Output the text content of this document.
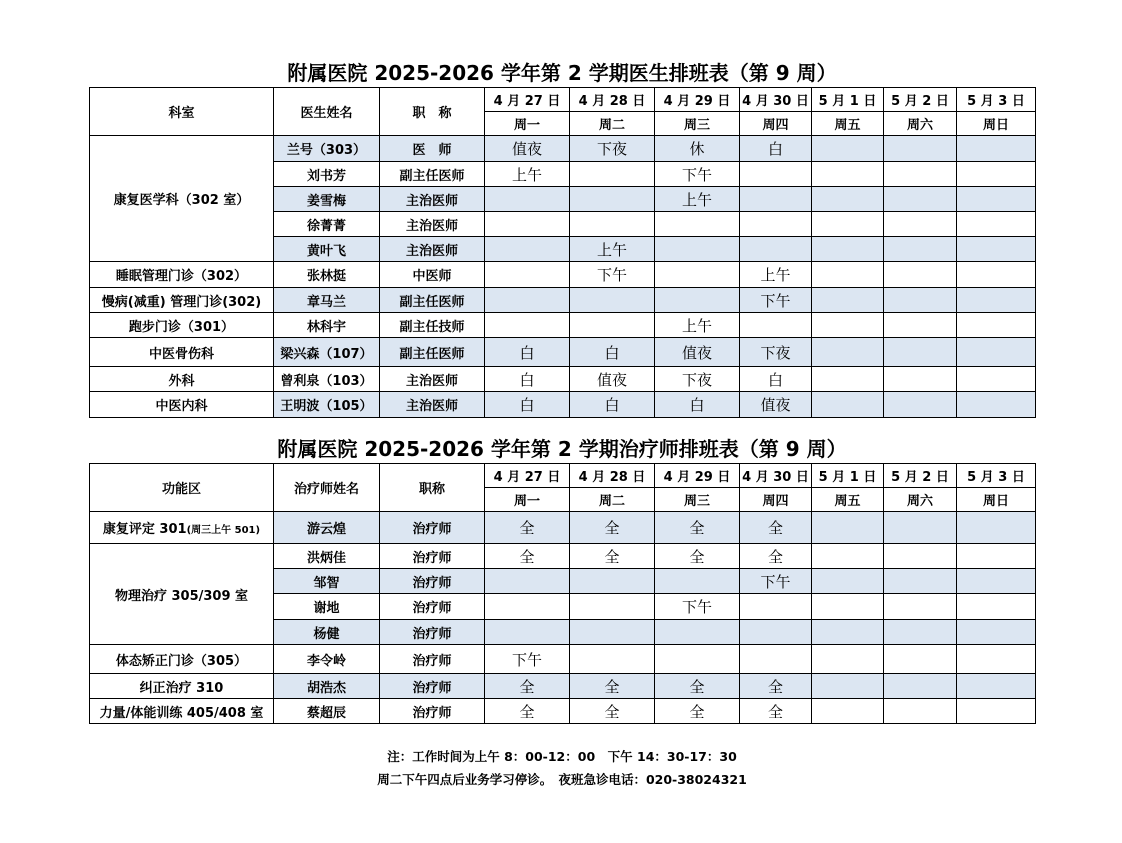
附属医院 2025-2026 学年第 2 学期医生排班表（第 9 周）
科室	医生姓名	职　称	4 月 27 日	4 月 28 日	4 月 29 日	4 月 30 日	5 月 1 日	5 月 2 日	5 月 3 日
			周一	周二	周三	周四	周五	周六	周日
康复医学科（302 室）	兰号（303）	医　师	值夜	下夜	休	白			
	刘书芳	副主任医师	上午		下午				
	姜雪梅	主治医师			上午				
	徐菁菁	主治医师							
	黄叶飞	主治医师		上午					
睡眠管理门诊（302）	张林挺	中医师		下午		上午			
慢病(减重) 管理门诊(302)	章马兰	副主任医师				下午			
跑步门诊（301）	林科宇	副主任技师			上午				
中医骨伤科	梁兴森（107）	副主任医师	白	白	值夜	下夜			
外科	曾利泉（103）	主治医师	白	值夜	下夜	白			
中医内科	王明波（105）	主治医师	白	白	白	值夜			
附属医院 2025-2026 学年第 2 学期治疗师排班表（第 9 周）
功能区	治疗师姓名	职称	4 月 27 日	4 月 28 日	4 月 29 日	4 月 30 日	5 月 1 日	5 月 2 日	5 月 3 日
			周一	周二	周三	周四	周五	周六	周日
康复评定 301(周三上午 501)	游云煌	治疗师	全	全	全	全			
物理治疗 305/309 室	洪炳佳	治疗师	全	全	全	全			
	邹智	治疗师				下午			
	谢地	治疗师			下午				
	杨健	治疗师							
体态矫正门诊（305）	李令岭	治疗师	下午						
纠正治疗 310	胡浩杰	治疗师	全	全	全	全			
力量/体能训练 405/408 室	蔡超辰	治疗师	全	全	全	全			
注：工作时间为上午 8：00-12：00　下午 14：30-17：30
周二下午四点后业务学习停诊。　夜班急诊电话：020-38024321
